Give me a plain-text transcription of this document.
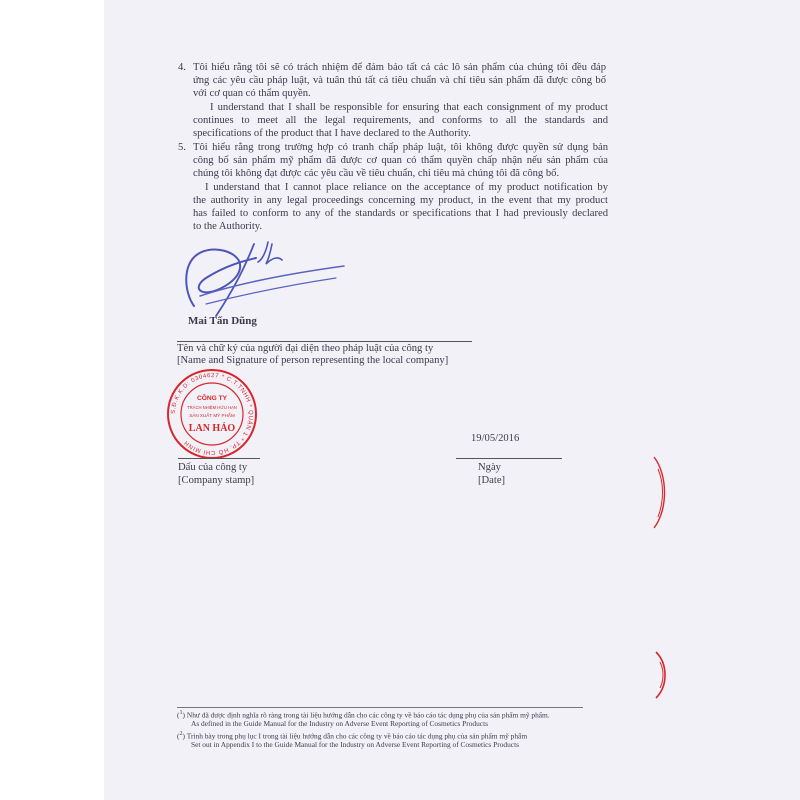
4. Tôi hiểu rằng tôi sẽ có trách nhiệm để đảm bảo tất cả các lô sản phẩm của chúng tôi đều đáp
ứng các yêu cầu pháp luật, và tuân thủ tất cả tiêu chuẩn và chỉ tiêu sản phẩm đã được công bố
với cơ quan có thẩm quyền.
I understand that I shall be responsible for ensuring that each consignment of my product
continues to meet all the legal requirements, and conforms to all the standards and
specifications of the product that I have declared to the Authority.
5. Tôi hiểu rằng trong trường hợp có tranh chấp pháp luật, tôi không được quyền sử dụng bản
công bố sản phẩm mỹ phẩm đã được cơ quan có thẩm quyền chấp nhận nếu sản phẩm của
chúng tôi không đạt được các yêu cầu về tiêu chuẩn, chỉ tiêu mà chúng tôi đã công bố.
I understand that I cannot place reliance on the acceptance of my product notification by
the authority in any legal proceedings concerning my product, in the event that my product
has failed to conform to any of the standards or specifications that I had previously declared
to the Authority.
Mai Tấn Dũng
Tên và chữ ký của người đại diện theo pháp luật của công ty
[Name and Signature of person representing the local company]
S.Đ.K.K.D: 0304627 * C.T.TNHH * QUẬN 1 * TP. HỒ CHÍ MINH
CÔNG TY
TRÁCH NHIỆM HỮU HẠN
SẢN XUẤT MỸ PHẨM
LAN HẢO
19/05/2016
Dấu của công ty
[Company stamp]
Ngày
[Date]
($^1$) Như đã được định nghĩa rõ ràng trong tài liệu hướng dẫn cho các công ty về báo cáo tác dụng phụ của sản phẩm mỹ phẩm.
As defined in the Guide Manual for the Industry on Adverse Event Reporting of Cosmetics Products
($^2$) Trình bày trong phụ lục I trong tài liệu hướng dẫn cho các công ty về báo cáo tác dụng phụ của sản phẩm mỹ phẩm
Set out in Appendix I to the Guide Manual for the Industry on Adverse Event Reporting of Cosmetics Products
